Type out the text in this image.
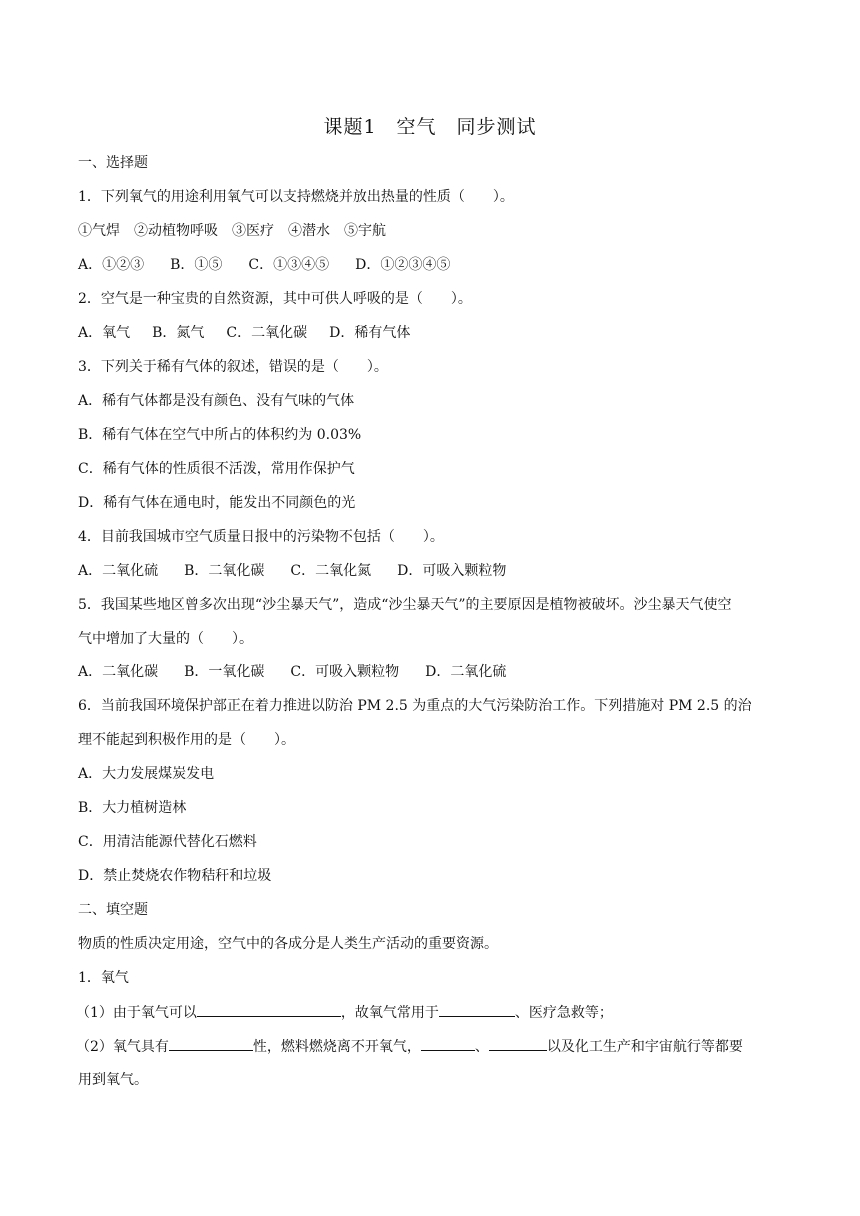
课题1　空气　同步测试
一、选择题
1．下列氧气的用途利用氧气可以支持燃烧并放出热量的性质（　　）。
①气焊　②动植物呼吸　③医疗　④潜水　⑤宇航
A．①②③ B．①⑤ C．①③④⑤ D．①②③④⑤
2．空气是一种宝贵的自然资源，其中可供人呼吸的是（　　）。
A．氧气 B．氮气 C．二氧化碳 D．稀有气体
3．下列关于稀有气体的叙述，错误的是（　　）。
A．稀有气体都是没有颜色、没有气味的气体
B．稀有气体在空气中所占的体积约为 0.03%
C．稀有气体的性质很不活泼，常用作保护气
D．稀有气体在通电时，能发出不同颜色的光
4．目前我国城市空气质量日报中的污染物不包括（　　）。
A．二氧化硫 B．二氧化碳 C．二氧化氮 D．可吸入颗粒物
5．我国某些地区曾多次出现“沙尘暴天气”，造成“沙尘暴天气”的主要原因是植物被破坏。沙尘暴天气使空
气中增加了大量的（　　）。
A．二氧化碳 B．一氧化碳 C．可吸入颗粒物 D．二氧化硫
6．当前我国环境保护部正在着力推进以防治 PM 2.5 为重点的大气污染防治工作。下列措施对 PM 2.5 的治
理不能起到积极作用的是（　　）。
A．大力发展煤炭发电
B．大力植树造林
C．用清洁能源代替化石燃料
D．禁止焚烧农作物秸秆和垃圾
二、填空题
物质的性质决定用途，空气中的各成分是人类生产活动的重要资源。
1．氧气
（1）由于氧气可以	，故氧气常用于	、医疗急救等；
（2）氧气具有	性，燃料燃烧离不开氧气，	、	以及化工生产和宇宙航行等都要
用到氧气。
